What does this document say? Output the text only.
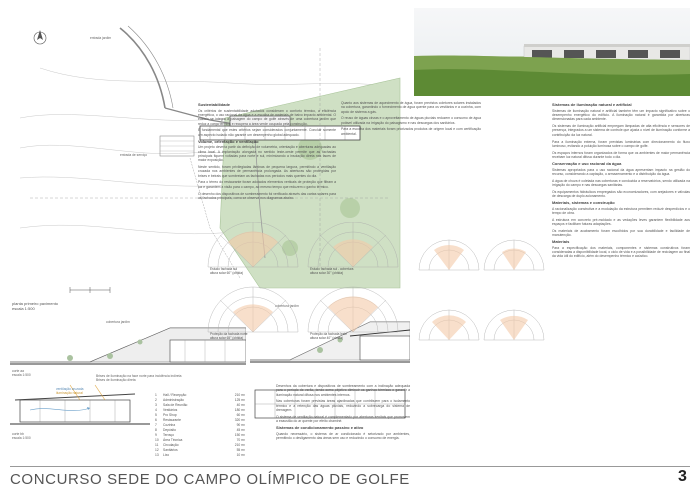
entrada jardim
entrada de serviço
cobertura jardim
planta primeiro pavimento
escala 1:500
cobertura jardim
corte aa
escala 1:500
ventilação cruzada
iluminação natural
Brises de iluminação na face norte para incidência indireta
Brises de iluminação direta
corte bb
escala 1:500
1 Hall / Recepção	210 m²
2 Administração	125 m²
3 Sala de Reunião	40 m²
4 Vestiários	180 m²
5 Pro Shop	60 m²
6 Restaurante	320 m²
7 Cozinha	90 m²
8 Depósito	45 m²
9 Terraço	150 m²
10 Área Técnica	70 m²
11 Circulação	210 m²
12 Sanitários	55 m²
13 Lixo	10 m²
Sustentabilidade

Os critérios de sustentabilidade adotados consideram o conforto térmico, a eficiência energética, o uso racional da água e a escolha de materiais de baixo impacto ambiental. O edifício se integra à paisagem do campo de golfe através de uma cobertura jardim que reduz a carga térmica e recupera a área verde ocupada pela construção.

É fundamental que estes critérios sejam considerados conjuntamente. Concluir somente um aspecto isolado não garante um desempenho global adequado.

Volume, orientação e ventilação

Um projeto deveria partir da definição de volumetria, orientação e aberturas adequadas ao clima local. A implantação alongada no sentido leste-oeste permite que as fachadas principais fiquem voltadas para norte e sul, minimizando a insolação direta nas faces de maior exposição.

Neste sentido, foram privilegiadas lâminas de pequena largura, permitindo a ventilação cruzada nos ambientes de permanência prolongada. As aberturas são protegidas por brises e beirais que sombreiam as fachadas nos períodos mais quentes do dia.

Para o térreo do restaurante foram adotados elementos verticais de proteção que filtram a luz e garantem a visão para o campo, ao mesmo tempo que reduzem o ganho térmico.

O desenho dos dispositivos de sombreamento foi verificado através das cartas solares para as fachadas principais, como se observa nos diagramas abaixo.

Estudo fachada sul
altura solar 60° (obtida)
Estudo fachada sul - cobertura
altura solar 30° (obtida)
Proteção da fachada norte
altura solar 65° (obtida)
Proteção da fachada leste
altura solar 40° (obtida)

Desenhos da cobertura e dispositivos de sombreamento com a inclinação adequada para o período de verão, tendo como objetivo diminuir os ganhos térmicos e garantir a iluminação natural difusa nos ambientes internos.

Nas coberturas foram previstas áreas ajardinadas que contribuem para o isolamento térmico e a retenção das águas pluviais, reduzindo a sobrecarga do sistema de drenagem.

O sistema de ventilação natural é complementado por aberturas zenitais que promovem a exaustão do ar quente por efeito chaminé.

Sistemas de condicionamento passivo e ativo

Quando necessário, o sistema de ar condicionado é setorizado por ambientes, permitindo o desligamento das áreas sem uso e reduzindo o consumo de energia.

Quanto aos sistemas de aquecimento de água, foram previstos coletores solares instalados na cobertura, garantindo o fornecimento de água quente para os vestiários e a cozinha, com apoio de sistema a gás.

O reuso de águas cinzas e o aproveitamento de águas pluviais reduzem o consumo de água potável utilizada na irrigação do paisagismo e nas descargas dos sanitários.

Para a escolha dos materiais foram priorizados produtos de origem local e com certificação ambiental.

Sistemas de iluminação natural e artificial

Sistemas de iluminação natural e artificial também têm um impacto significativo sobre o desempenho energético do edifício. A iluminação natural é garantida por aberturas dimensionadas para cada ambiente.

Os sistemas de iluminação artificial empregam lâmpadas de alta eficiência e sensores de presença, integrados a um sistema de controle que ajusta o nível de iluminação conforme a contribuição da luz natural.

Para a iluminação externa, foram previstas luminárias com direcionamento do fluxo luminoso, evitando a poluição luminosa sobre o campo de golfe.

Os espaços internos foram organizados de forma que os ambientes de maior permanência recebam luz natural difusa durante todo o dia.

Conservação e uso racional da água

Sistemas apropriados para o uso racional da água apresentam impacto na gestão do recurso, considerando a captação, o armazenamento e a distribuição da água.

A água de chuva é coletada nas coberturas e conduzida a reservatórios, sendo utilizada na irrigação do campo e nas descargas sanitárias.

Os equipamentos hidráulicos empregados são economizadores, com arejadores e válvulas de descarga de duplo acionamento.

Materiais, sistemas e construção

A racionalização construtiva e a modulação da estrutura permitem reduzir desperdícios e o tempo de obra.

A estrutura em concreto pré-moldado e as vedações leves garantem flexibilidade aos espaços e facilitam futuras adaptações.

Os materiais de acabamento foram escolhidos por sua durabilidade e facilidade de manutenção.

Materiais

Para a especificação dos materiais, componentes e sistemas construtivos foram consideradas a disponibilidade local, o ciclo de vida e a possibilidade de reciclagem ao final da vida útil do edifício, além do desempenho térmico e acústico.

CONCURSO SEDE DO CAMPO OLÍMPICO DE GOLFE	3
